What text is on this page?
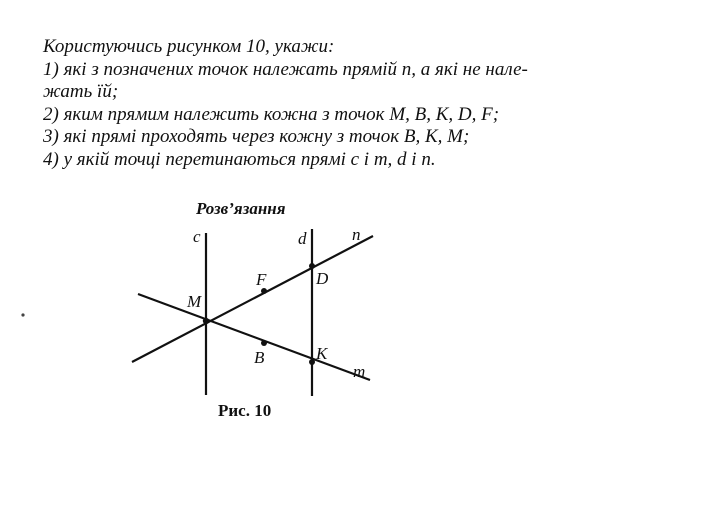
Користуючись рисунком 10, укажи:
1) які з позначених точок належать прямій n, а які не нале-
жать їй;
2) яким прямим належить кожна з точок M, B, K, D, F;
3) які прямі проходять через кожну з точок B, K, M;
4) у якій точці перетинаються прямі c і m, d і n.
Розв’язання
c	d	n
m
M
F	D
B	K
Рис. 10
